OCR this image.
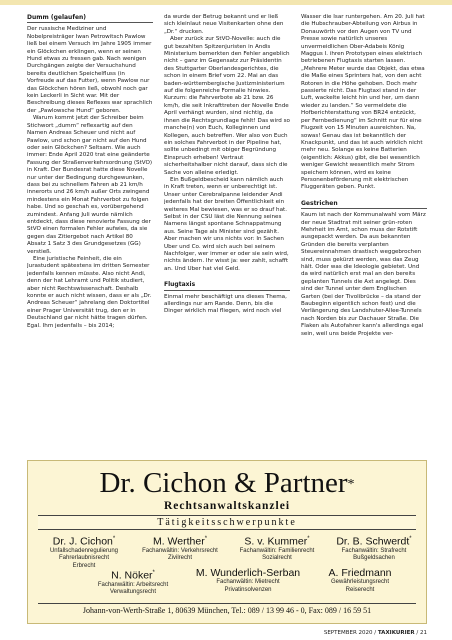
Dumm (gelaufen)

Der russische Mediziner und Nobelpreisträger Iwan Petrowitsch Pawlow ließ bei einem Versuch im Jahre 1905 immer ein Glöckchen erklingen, wenn er seinen Hund etwas zu fressen gab. Nach wenigen Durchgängen zeigte der Versuchshund bereits deutlichen Speichelfluss (in Vorfreude auf das Futter), wenn Pawlow nur das Glöckchen hören ließ, obwohl noch gar kein Leckerli in Sicht war. Mit der Beschreibung dieses Reflexes war sprachlich der „Pawlowsche Hund“ geboren.

Warum kommt jetzt der Schreiber beim Stichwort „dumm“ reflexartig auf den Namen Andreas Scheuer und nicht auf Pawlow, und schon gar nicht auf den Hund oder sein Glöckchen? Seltsam. Wie auch immer: Ende April 2020 trat eine geänderte Fassung der Straßenverkehrsordnung (StVO) in Kraft. Der Bundesrat hatte diese Novelle nur unter der Bedingung durchgewunken, dass bei zu schnellem Fahren ab 21 km/h innerorts und 26 km/h außer Orts zwingend mindestens ein Monat Fahrverbot zu folgen habe. Und so geschah es, vorübergehend zumindest. Anfang Juli wurde nämlich entdeckt, dass diese renovierte Fassung der StVO einen formalen Fehler aufwies, da sie gegen das Zitiergebot nach Artikel 80 Absatz 1 Satz 3 des Grundgesetzes (GG) verstieß.

Eine juristische Feinheit, die ein Jurastudent spätestens im dritten Semester jedenfalls kennen müsste. Also nicht Andi, denn der hat Lehramt und Politik studiert, aber nicht Rechtswissenschaft. Deshalb konnte er auch nicht wissen, dass er als „Dr. Andreas Scheuer“ jahrelang den Doktortitel einer Prager Universität trug, den er in Deutschland gar nicht hätte tragen dürfen. Egal. Ihm jedenfalls – bis 2014;

da wurde der Betrug bekannt und er ließ sich kleinlaut neue Visitenkarten ohne den „Dr.“ drucken.

Aber zurück zur StVO-Novelle: auch die gut bezahlten Spitzenjuristen in Andis Ministerium bemerkten den Fehler angeblich nicht – ganz im Gegensatz zur Präsidentin des Stuttgarter Oberlandesgerichtes, die schon in einem Brief vom 22. Mai an das baden-württembergische Justizministerium auf die folgenreiche Formalie hinwies. Kurzum: die Fahrverbote ab 21 bzw. 26 km/h, die seit Inkrafttreten der Novelle Ende April verhängt wurden, sind nichtig, da ihnen die Rechtsgrundlage fehlt! Das wird so manche(n) von Euch, Kolleginnen und Kollegen, auch betreffen. Wer also von Euch ein solches Fahrverbot in der Pipeline hat, sollte unbedingt mit obiger Begründung Einspruch erheben! Vertraut sicherheitshalber nicht darauf, dass sich die Sache von alleine erledigt.

Ein Bußgeldbescheid kann nämlich auch in Kraft treten, wenn er unberechtigt ist. Unser unter Cerebralpanne leidender Andi jedenfalls hat der breiten Öffentlichkeit ein weiteres Mal bewiesen, was er so drauf hat. Selbst in der CSU läst die Nennung seines Namens längst spontane Schnappatmung aus. Seine Tage als Minister sind gezählt. Aber machen wir uns nichts vor: In Sachen Uber und Co. wird sich auch bei seinem Nachfolger, wer immer er oder sie sein wird, nichts ändern. Ihr wisst ja: wer zahlt, schafft an. Und Uber hat viel Geld.

Flugtaxis

Einmal mehr beschäftigt uns dieses Thema, allerdings nur am Rande. Denn, bis die Dinger wirklich mal fliegen, wird noch viel

Wasser die Isar runtergehen. Am 20. Juli hat die Hubschrauber-Abteilung von Airbus in Donauwörth vor den Augen von TV und Presse sowie natürlich unseres unvermeidlichen Ober-Adabeis König Maggus I. ihren Prototypen eines elektrisch betriebenen Flugtaxis starten lassen. „Mehrere Meter wurde das Objekt, das etwa die Maße eines Sprinters hat, von den acht Rotoren in die Höhe gehoben. Doch mehr passierte nicht. Das Flugtaxi stand in der Luft, wackelte leicht hin und her, um dann wieder zu landen.“ So vermeldete die Hofberichterstattung von BR24 entzückt, per Fernbedienung“ im Schnitt nur für eine Flugzeit von 15 Minuten ausreichten. Na, sowas! Genau das ist bekanntlich der Knackpunkt, und das ist auch wirklich nicht mehr neu. Solange es keine Batterien (eigentlich: Akkus) gibt, die bei wesentlich weniger Gewicht wesentlich mehr Strom speichern können, wird es keine Personenbeförderung mit elektrischen Fluggeräten geben. Punkt.

Gestrichen

Kaum ist nach der Kommunalwahl vom März der neue Stadtrat mit seiner grün-roten Mehrheit im Amt, schon muss der Rotstift ausgepackt werden. Da aus bekannten Gründen die bereits verplanten Steuereinnahmen drastisch weggebrochen sind, muss gekürzt werden, was das Zeug hält. Oder was die Ideologie gebietet. Und da wird natürlich erst mal an den bereits geplanten Tunnels die Axt angelegt. Dies sind der Tunnel unter dem Englischen Garten (bei der Tivolibrücke – da stand der Baubeginn eigentlich schon fest) und die Verlängerung des Landshuter-Allee-Tunnels nach Norden bis zur Dachauer Straße. Die Flaken als Autofahrer kann's allerdings egal sein, weil uns beide Projekte ver-

Dr. Cichon & Partner*
Rechtsanwaltskanzlei
Tätigkeitsschwerpunkte
Dr. J. Cichon*
Unfallschadenregulierung
Fahrerlaubnisrecht
Erbrecht
M. Werther*
Fachanwältin: Verkehrsrecht
Zivilrecht
S. v. Kummer*
Fachanwältin: Familienrecht
Sozialrecht
Dr. B. Schwerdt*
Fachanwältin: Strafrecht
Bußgeldsachen
N. Nöker*
Fachanwältin: Arbeitsrecht
Verwaltungsrecht
M. Wunderlich-Serban
Fachanwältin: Mietrecht
Privatinsolvenzen
A. Friedmann
Gewährleistungsrecht
Reiserecht
Johann-von-Werth-Straße 1, 80639 München, Tel.: 089 / 13 99 46 - 0, Fax: 089 / 16 59 51
SEPTEMBER 2020 / TAXIKURIER / 21
